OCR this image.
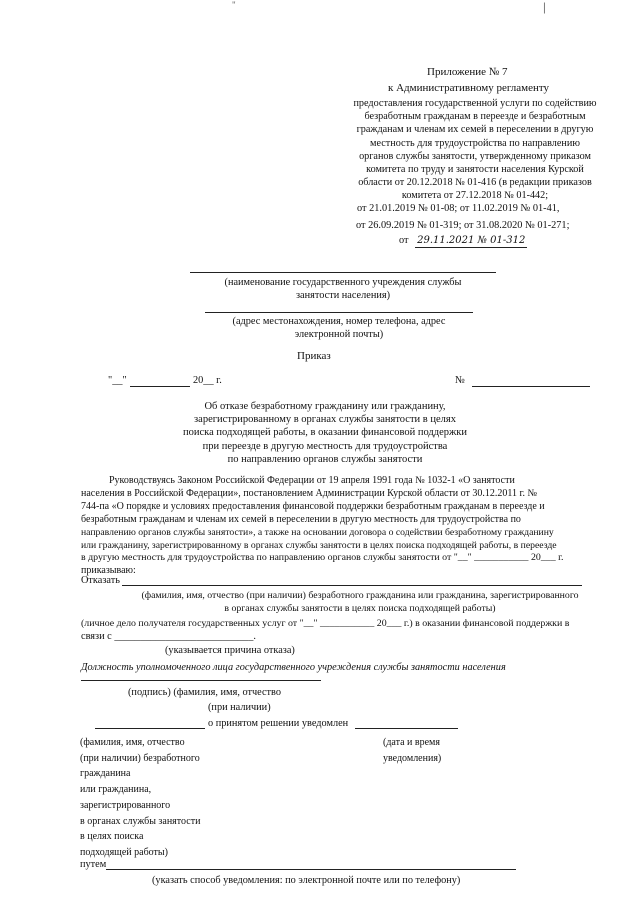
"	|
Приложение № 7
к Административному регламенту
предоставления государственной услуги по содействию
безработным гражданам в переезде и безработным
гражданам и членам их семей в переселении в другую
местность для трудоустройства по направлению
органов службы занятости, утвержденному приказом
комитета по труду и занятости населения Курской
области от 20.12.2018 № 01-416 (в редакции приказов
комитета от 27.12.2018 № 01-442;
от 21.01.2019 № 01-08; от 11.02.2019 № 01-41,
от 26.09.2019 № 01-319; от 31.08.2020 № 01-271;
от 29.11.2021 № 01-312
(наименование государственного учреждения службы
занятости населения)
(адрес местонахождения, номер телефона, адрес
электронной почты)
Приказ
"__"	20__ г.	№
Об отказе безработному гражданину или гражданину,
зарегистрированному в органах службы занятости в целях
поиска подходящей работы, в оказании финансовой поддержки
при переезде в другую местность для трудоустройства
по направлению органов службы занятости
Руководствуясь Законом Российской Федерации от 19 апреля 1991 года № 1032-1 «О занятости
населения в Российской Федерации», постановлением Администрации Курской области от 30.12.2011 г. №
744-па «О порядке и условиях предоставления финансовой поддержки безработным гражданам в переезде и
безработным гражданам и членам их семей в переселении в другую местность для трудоустройства по
направлению органов службы занятости», а также на основании договора о содействии безработному гражданину
или гражданину, зарегистрированному в органах службы занятости в целях поиска подходящей работы, в переезде
в другую местность для трудоустройства по направлению органов службы занятости от "__" ___________ 20___ г.
приказываю:
Отказать
(фамилия, имя, отчество (при наличии) безработного гражданина или гражданина, зарегистрированного
в органах службы занятости в целях поиска подходящей работы)
(личное дело получателя государственных услуг от "__" ___________ 20___ г.) в оказании финансовой поддержки в
связи с ___________________________.
(указывается причина отказа)
Должность уполномоченного лица государственного учреждения службы занятости населения
(подпись) (фамилия, имя, отчество
(при наличии)
о принятом решении уведомлен
(фамилия, имя, отчество
(при наличии) безработного
гражданина
или гражданина,
зарегистрированного
в органах службы занятости
в целях поиска
подходящей работы)
(дата и время
уведомления)
путем
(указать способ уведомления: по электронной почте или по телефону)
